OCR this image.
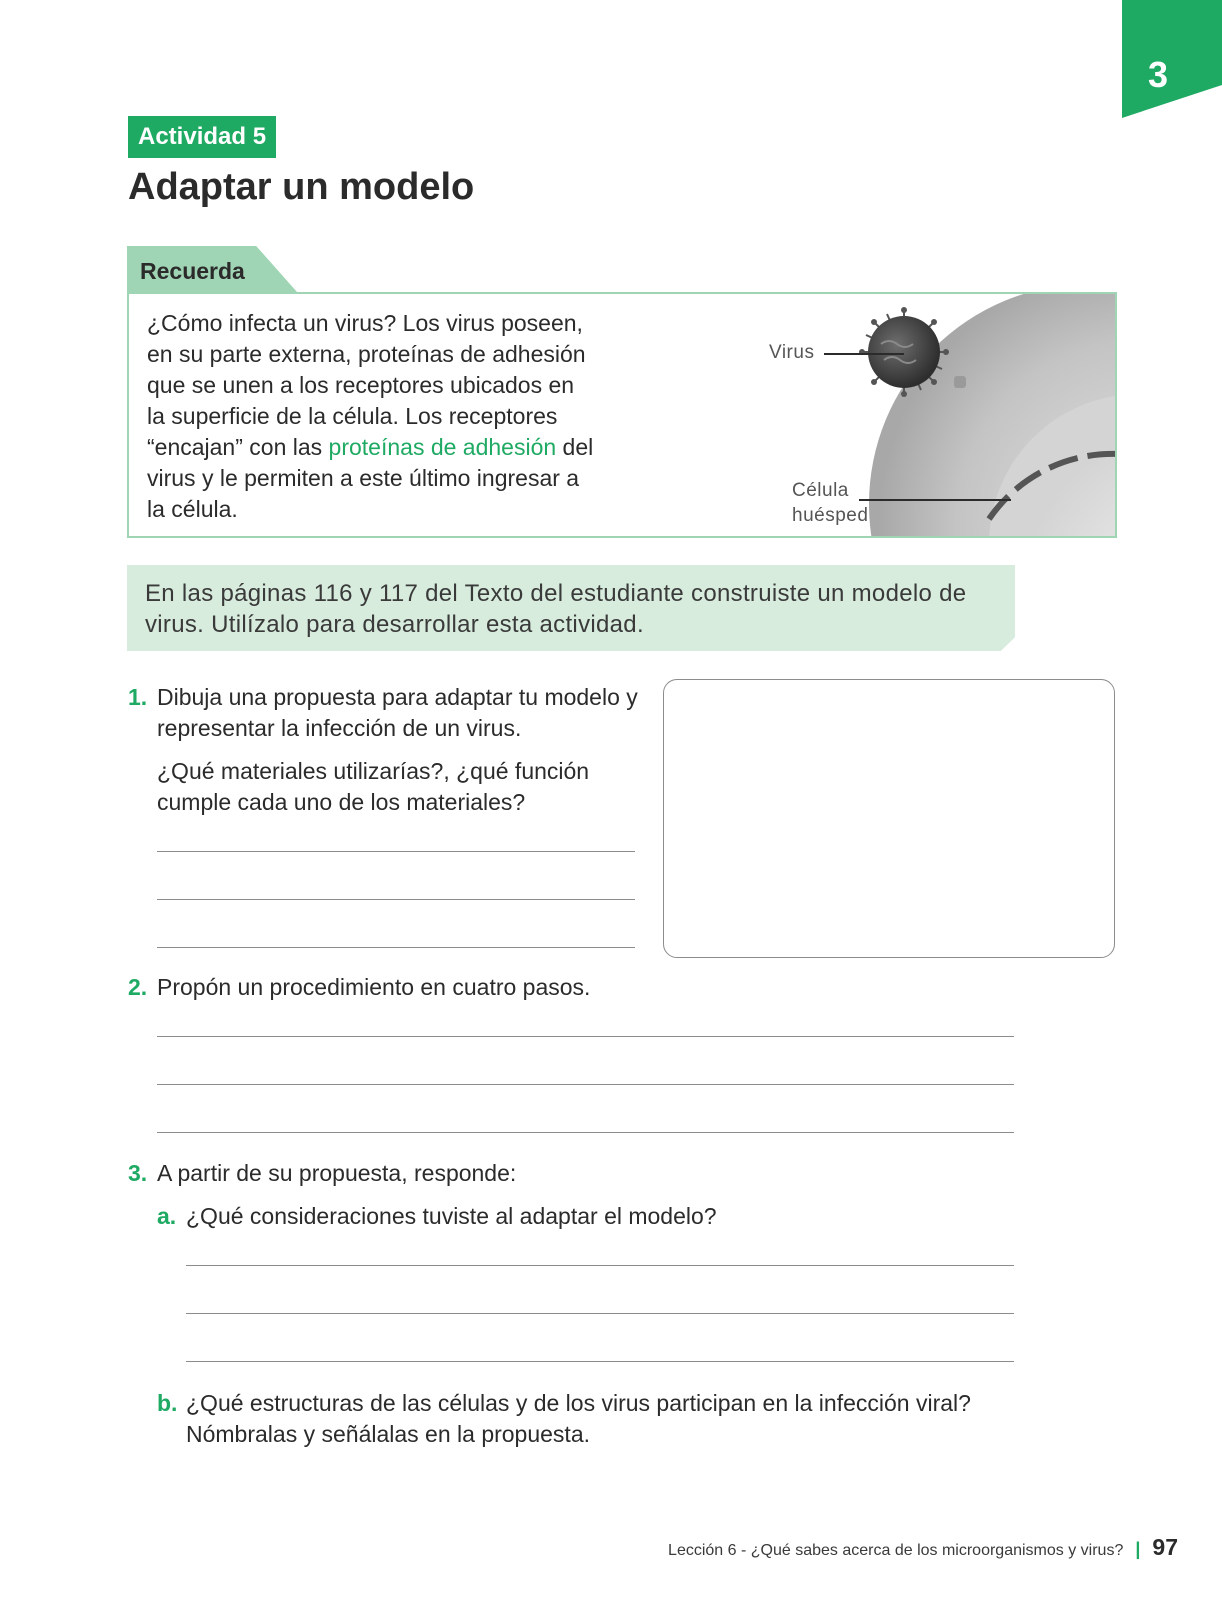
3
Actividad 5
Adaptar un modelo
Recuerda
¿Cómo infecta un virus? Los virus poseen, en su parte externa, proteínas de adhesión que se unen a los receptores ubicados en la superficie de la célula. Los receptores “encajan” con las proteínas de adhesión del virus y le permiten a este último ingresar a la célula.
Virus
Célula
huésped
En las páginas 116 y 117 del Texto del estudiante construiste un modelo de virus. Utilízalo para desarrollar esta actividad.
1. Dibuja una propuesta para adaptar tu modelo y representar la infección de un virus.
¿Qué materiales utilizarías?, ¿qué función cumple cada uno de los materiales?
2. Propón un procedimiento en cuatro pasos.
3. A partir de su propuesta, responde:
a. ¿Qué consideraciones tuviste al adaptar el modelo?
b. ¿Qué estructuras de las células y de los virus participan en la infección viral? Nómbralas y señálalas en la propuesta.
Lección 6 - ¿Qué sabes acerca de los microorganismos y virus? | 97
